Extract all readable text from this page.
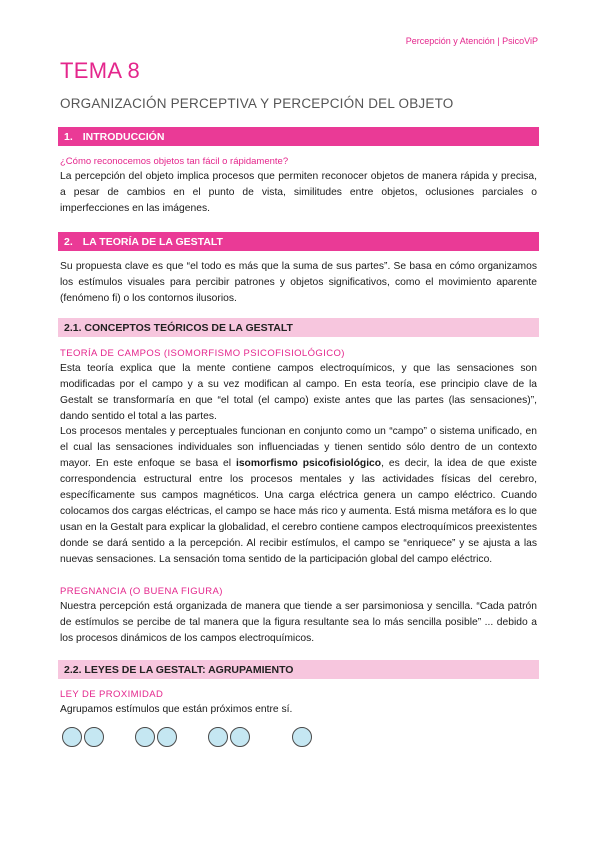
Percepción y Atención | PsicoViP
TEMA 8
ORGANIZACIÓN PERCEPTIVA Y PERCEPCIÓN DEL OBJETO
1. INTRODUCCIÓN
¿Cómo reconocemos objetos tan fácil o rápidamente?

La percepción del objeto implica procesos que permiten reconocer objetos de manera rápida y precisa, a pesar de cambios en el punto de vista, similitudes entre objetos, oclusiones parciales o imperfecciones en las imágenes.

2. LA TEORÍA DE LA GESTALT

Su propuesta clave es que “el todo es más que la suma de sus partes”. Se basa en cómo organizamos los estímulos visuales para percibir patrones y objetos significativos, como el movimiento aparente (fenómeno fi) o los contornos ilusorios.

2.1. CONCEPTOS TEÓRICOS DE LA GESTALT
TEORÍA DE CAMPOS (ISOMORFISMO PSICOFISIOLÓGICO)

Esta teoría explica que la mente contiene campos electroquímicos, y que las sensaciones son modificadas por el campo y a su vez modifican al campo. En esta teoría, ese principio clave de la Gestalt se transformaría en que “el total (el campo) existe antes que las partes (las sensaciones)”, dando sentido el total a las partes.

Los procesos mentales y perceptuales funcionan en conjunto como un “campo” o sistema unificado, en el cual las sensaciones individuales son influenciadas y tienen sentido sólo dentro de un contexto mayor. En este enfoque se basa el isomorfismo psicofisiológico, es decir, la idea de que existe correspondencia estructural entre los procesos mentales y las actividades físicas del cerebro, específicamente sus campos magnéticos. Una carga eléctrica genera un campo eléctrico. Cuando colocamos dos cargas eléctricas, el campo se hace más rico y aumenta. Está misma metáfora es lo que usan en la Gestalt para explicar la globalidad, el cerebro contiene campos electroquímicos preexistentes donde se dará sentido a la percepción. Al recibir estímulos, el campo se “enriquece” y se ajusta a las nuevas sensaciones. La sensación toma sentido de la participación global del campo eléctrico.

PREGNANCIA (O BUENA FIGURA)

Nuestra percepción está organizada de manera que tiende a ser parsimoniosa y sencilla. “Cada patrón de estímulos se percibe de tal manera que la figura resultante sea lo más sencilla posible” ... debido a los procesos dinámicos de los campos electroquímicos.

2.2. LEYES DE LA GESTALT: AGRUPAMIENTO
LEY DE PROXIMIDAD

Agrupamos estímulos que están próximos entre sí.
